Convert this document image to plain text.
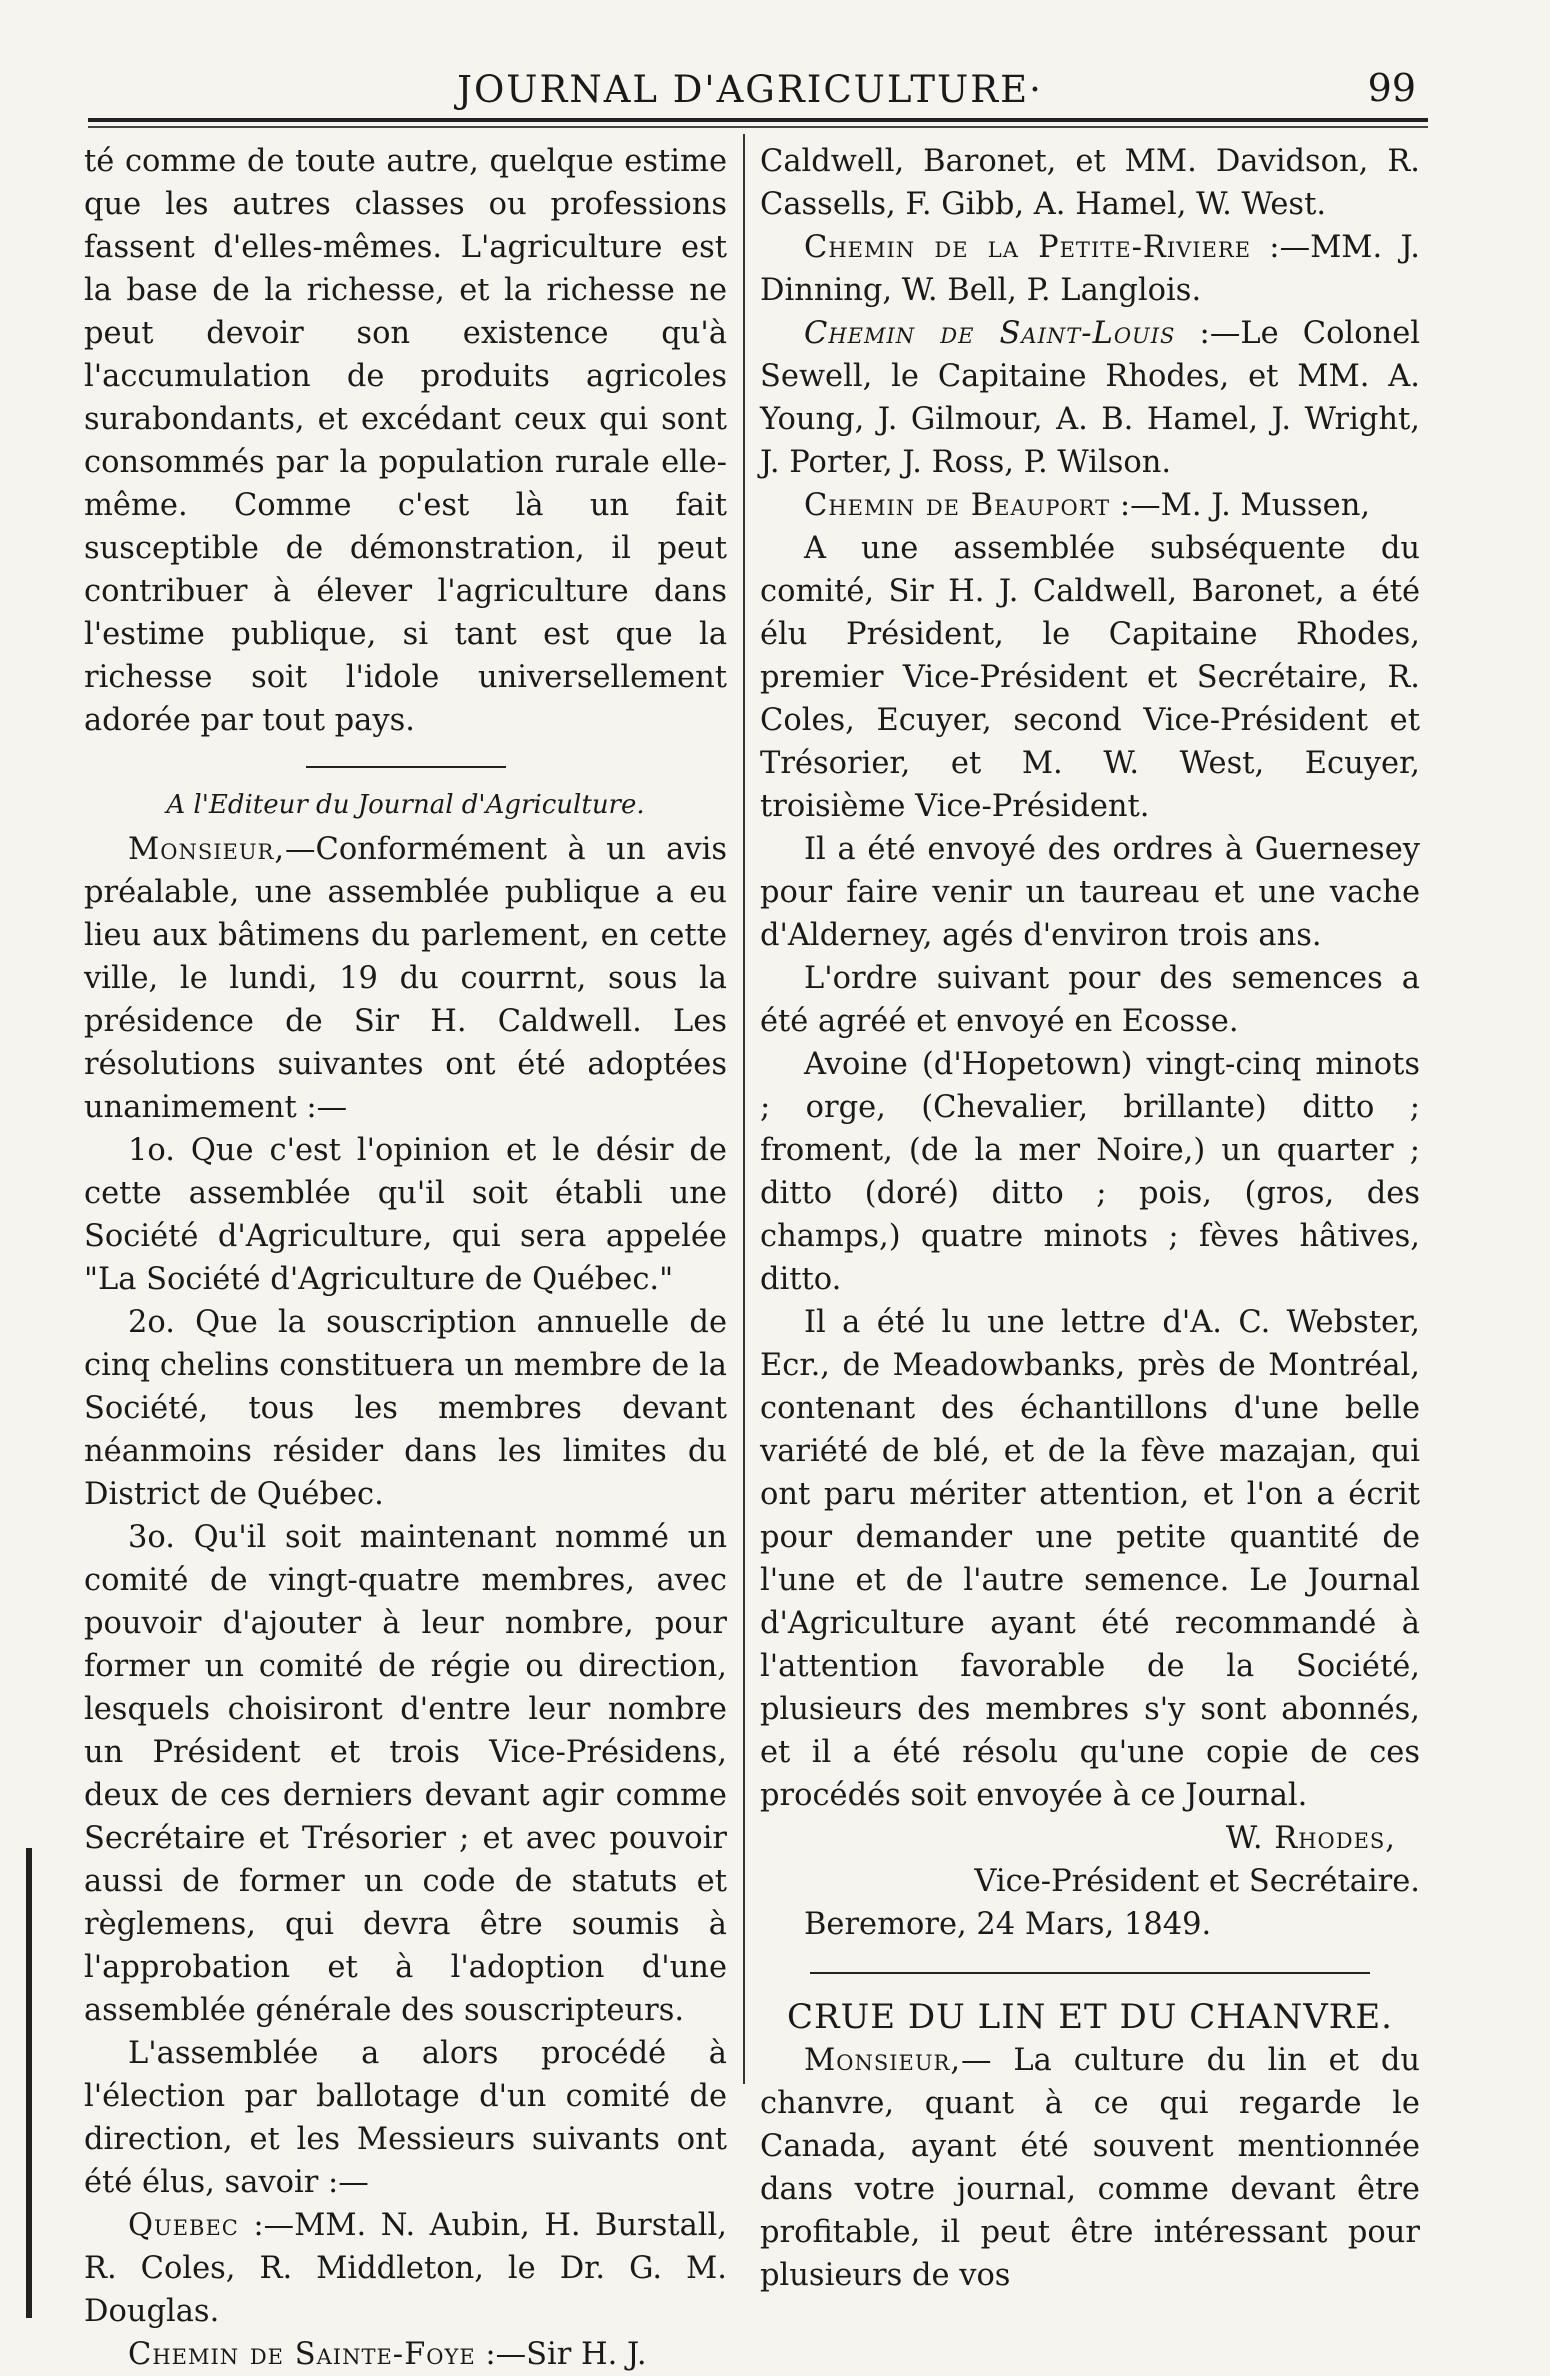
JOURNAL D'AGRICULTURE·	99

té comme de toute autre, quelque estime que les autres classes ou professions fassent d'elles-mêmes. L'agriculture est la base de la richesse, et la richesse ne peut devoir son existence qu'à l'accumulation de produits agricoles surabondants, et excédant ceux qui sont consommés par la population rurale elle-même. Comme c'est là un fait susceptible de démonstration, il peut contribuer à élever l'agriculture dans l'estime publique, si tant est que la richesse soit l'idole universellement adorée par tout pays.

A l'Editeur du Journal d'Agriculture.

Monsieur,—Conformément à un avis préalable, une assemblée publique a eu lieu aux bâtimens du parlement, en cette ville, le lundi, 19 du courrnt, sous la présidence de Sir H. Caldwell. Les résolutions suivantes ont été adoptées unanimement :—

1o. Que c'est l'opinion et le désir de cette assemblée qu'il soit établi une Société d'Agriculture, qui sera appelée "La Société d'Agriculture de Québec."

2o. Que la souscription annuelle de cinq chelins constituera un membre de la Société, tous les membres devant néanmoins résider dans les limites du District de Québec.

3o. Qu'il soit maintenant nommé un comité de vingt-quatre membres, avec pouvoir d'ajouter à leur nombre, pour former un comité de régie ou direction, lesquels choisiront d'entre leur nombre un Président et trois Vice-Présidens, deux de ces derniers devant agir comme Secrétaire et Trésorier ; et avec pouvoir aussi de former un code de statuts et règlemens, qui devra être soumis à l'approbation et à l'adoption d'une assemblée générale des souscripteurs.

L'assemblée a alors procédé à l'élection par ballotage d'un comité de direction, et les Messieurs suivants ont été élus, savoir :—

Quebec :—MM. N. Aubin, H. Burstall, R. Coles, R. Middleton, le Dr. G. M. Douglas.

Chemin de Sainte-Foye :—Sir H. J.

Caldwell, Baronet, et MM. Davidson, R. Cassells, F. Gibb, A. Hamel, W. West.

Chemin de la Petite-Riviere :—MM. J. Dinning, W. Bell, P. Langlois.

Chemin de Saint-Louis :—Le Colonel Sewell, le Capitaine Rhodes, et MM. A. Young, J. Gilmour, A. B. Hamel, J. Wright, J. Porter, J. Ross, P. Wilson.

Chemin de Beauport :—M. J. Mussen,

A une assemblée subséquente du comité, Sir H. J. Caldwell, Baronet, a été élu Président, le Capitaine Rhodes, premier Vice-Président et Secrétaire, R. Coles, Ecuyer, second Vice-Président et Trésorier, et M. W. West, Ecuyer, troisième Vice-Président.

Il a été envoyé des ordres à Guernesey pour faire venir un taureau et une vache d'Alderney, agés d'environ trois ans.

L'ordre suivant pour des semences a été agréé et envoyé en Ecosse.

Avoine (d'Hopetown) vingt-cinq minots ; orge, (Chevalier, brillante) ditto ; froment, (de la mer Noire,) un quarter ; ditto (doré) ditto ; pois, (gros, des champs,) quatre minots ; fèves hâtives, ditto.

Il a été lu une lettre d'A. C. Webster, Ecr., de Meadowbanks, près de Montréal, contenant des échantillons d'une belle variété de blé, et de la fève mazajan, qui ont paru mériter attention, et l'on a écrit pour demander une petite quantité de l'une et de l'autre semence. Le Journal d'Agriculture ayant été recommandé à l'attention favorable de la Société, plusieurs des membres s'y sont abonnés, et il a été résolu qu'une copie de ces procédés soit envoyée à ce Journal.

W. Rhodes,

Vice-Président et Secrétaire.

Beremore, 24 Mars, 1849.

CRUE DU LIN ET DU CHANVRE.

Monsieur,— La culture du lin et du chanvre, quant à ce qui regarde le Canada, ayant été souvent mentionnée dans votre journal, comme devant être profitable, il peut être intéressant pour plusieurs de vos
